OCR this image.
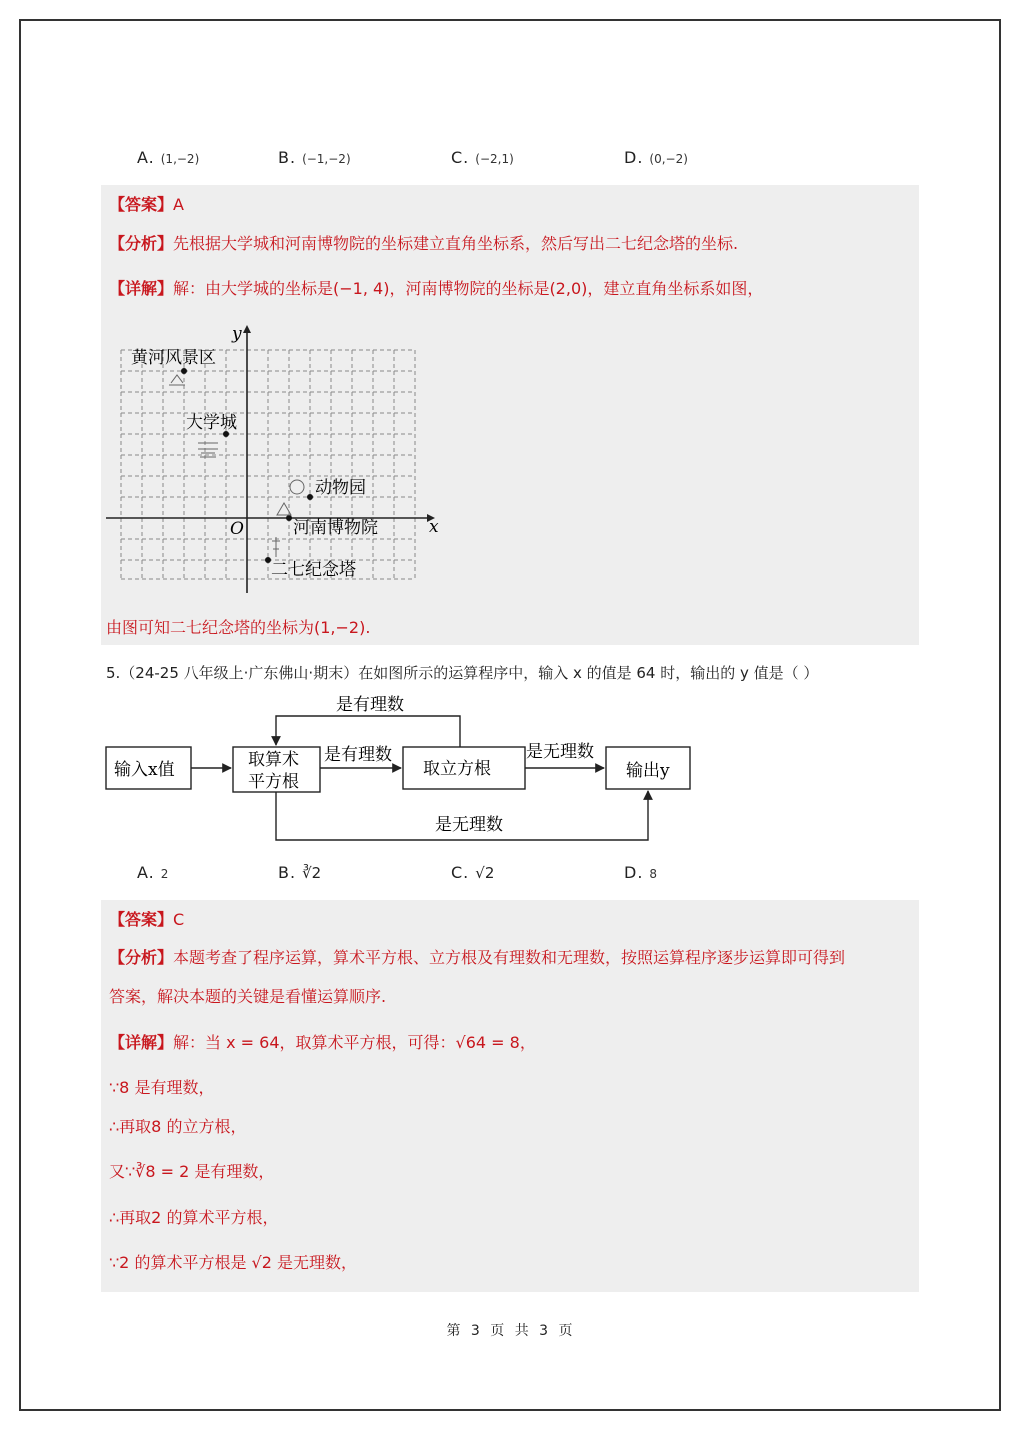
A. (1,−2)	B. (−1,−2)	C. (−2,1)	D. (0,−2)
【答案】A
【分析】先根据大学城和河南博物院的坐标建立直角坐标系，然后写出二七纪念塔的坐标.
【详解】解：由大学城的坐标是(−1, 4)，河南博物院的坐标是(2,0)，建立直角坐标系如图，
x
y
O
黄河风景区
大学城
动物园
河南博物院
二七纪念塔
由图可知二七纪念塔的坐标为(1,−2).
5.（24-25 八年级上·广东佛山·期末）在如图所示的运算程序中，输入 x 的值是 64 时，输出的 y 值是（ ）
输入x值	取算术
平方根
取立方根	输出y
是有理数
是有理数	是无理数
是无理数
A. 2	B. ∛2	C. √2	D. 8
【答案】C
【分析】本题考查了程序运算，算术平方根、立方根及有理数和无理数，按照运算程序逐步运算即可得到
答案，解决本题的关键是看懂运算顺序.
【详解】解：当 x = 64，取算术平方根，可得：√64 = 8，
∵8 是有理数，
∴再取8 的立方根，
又∵∛8 = 2 是有理数，
∴再取2 的算术平方根，
∵2 的算术平方根是 √2 是无理数，
第 3 页 共 3 页
